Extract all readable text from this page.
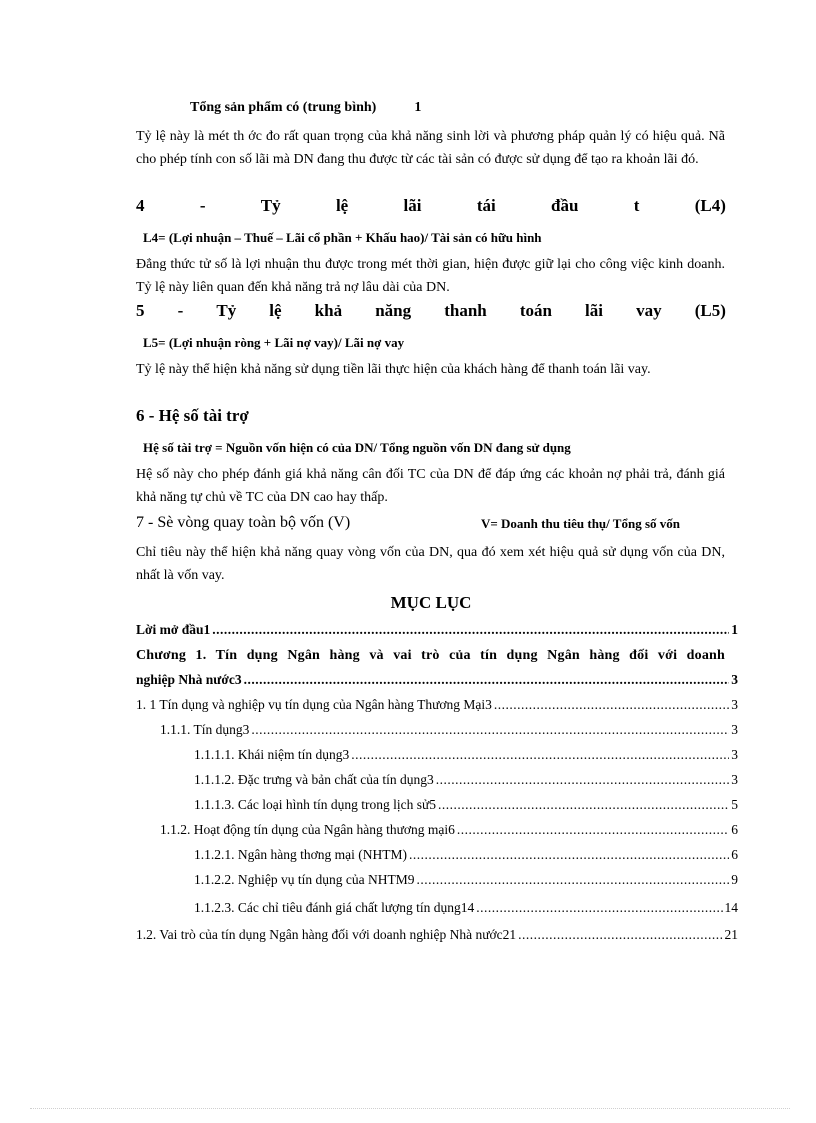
Tổng sản phẩm có (trung bình)	1
Tỷ lệ này là mét th ớc đo rất quan trọng của khả năng sinh lời và phương pháp quản lý có hiệu quả. Nã cho phép tính con số lãi mà DN đang thu được từ các tài sản có được sử dụng để tạo ra khoản lãi đó.
4	-	Tỷ	lệ	lãi	tái	đầu	t	(L4)
L4= (Lợi nhuận – Thuế – Lãi cổ phần + Khấu hao)/ Tài sản có hữu hình
Đẳng thức tử số là lợi nhuận thu được trong mét thời gian, hiện được giữ lại cho công việc kinh doanh. Tỷ lệ này liên quan đến khả năng trả nợ lâu dài của DN.
5 - Tỷ lệ khả năng thanh toán lãi vay (L5)
L5= (Lợi nhuận ròng + Lãi nợ vay)/ Lãi nợ vay
Tỷ lệ này thể hiện khả năng sử dụng tiền lãi thực hiện của khách hàng để thanh toán lãi vay.
6 - Hệ số tài trợ
Hệ số tài trợ = Nguồn vốn hiện có của DN/ Tổng nguồn vốn DN đang sử dụng
Hệ số này cho phép đánh giá khả năng cân đối TC của DN để đáp ứng các khoản nợ phải trả, đánh giá khả năng tự chủ về TC của DN cao hay thấp.
7 - Sè vòng quay toàn bộ vốn (V)	V= Doanh thu tiêu thụ/ Tổng số vốn
Chỉ tiêu này thể hiện khả năng quay vòng vốn của DN, qua đó xem xét hiệu quả sử dụng vốn của DN, nhất là vốn vay.
MỤC LỤC
Lời mở đầu1 .....	1
Chương 1. Tín dụng Ngân hàng và vai trò của tín dụng Ngân hàng đối với doanh
nghiệp Nhà nước3 .....	3
1. 1 Tín dụng và nghiệp vụ tín dụng của Ngân hàng Thương Mại3 .....	3
1.1.1. Tín dụng3 .....	3
1.1.1.1. Khái niệm tín dụng3 .....	3
1.1.1.2. Đặc trưng và bản chất của tín dụng3 .....	3
1.1.1.3. Các loại hình tín dụng trong lịch sử5 .....	5
1.1.2. Hoạt động tín dụng của Ngân hàng thương mại6 .....	6
1.1.2.1. Ngân hàng thơng mại (NHTM) .....	6
1.1.2.2. Nghiệp vụ tín dụng của NHTM9 .....	9
1.1.2.3. Các chỉ tiêu đánh giá chất lượng tín dụng14 .....	14
1.2. Vai trò của tín dụng Ngân hàng đối với doanh nghiệp Nhà nước21 .....	21
